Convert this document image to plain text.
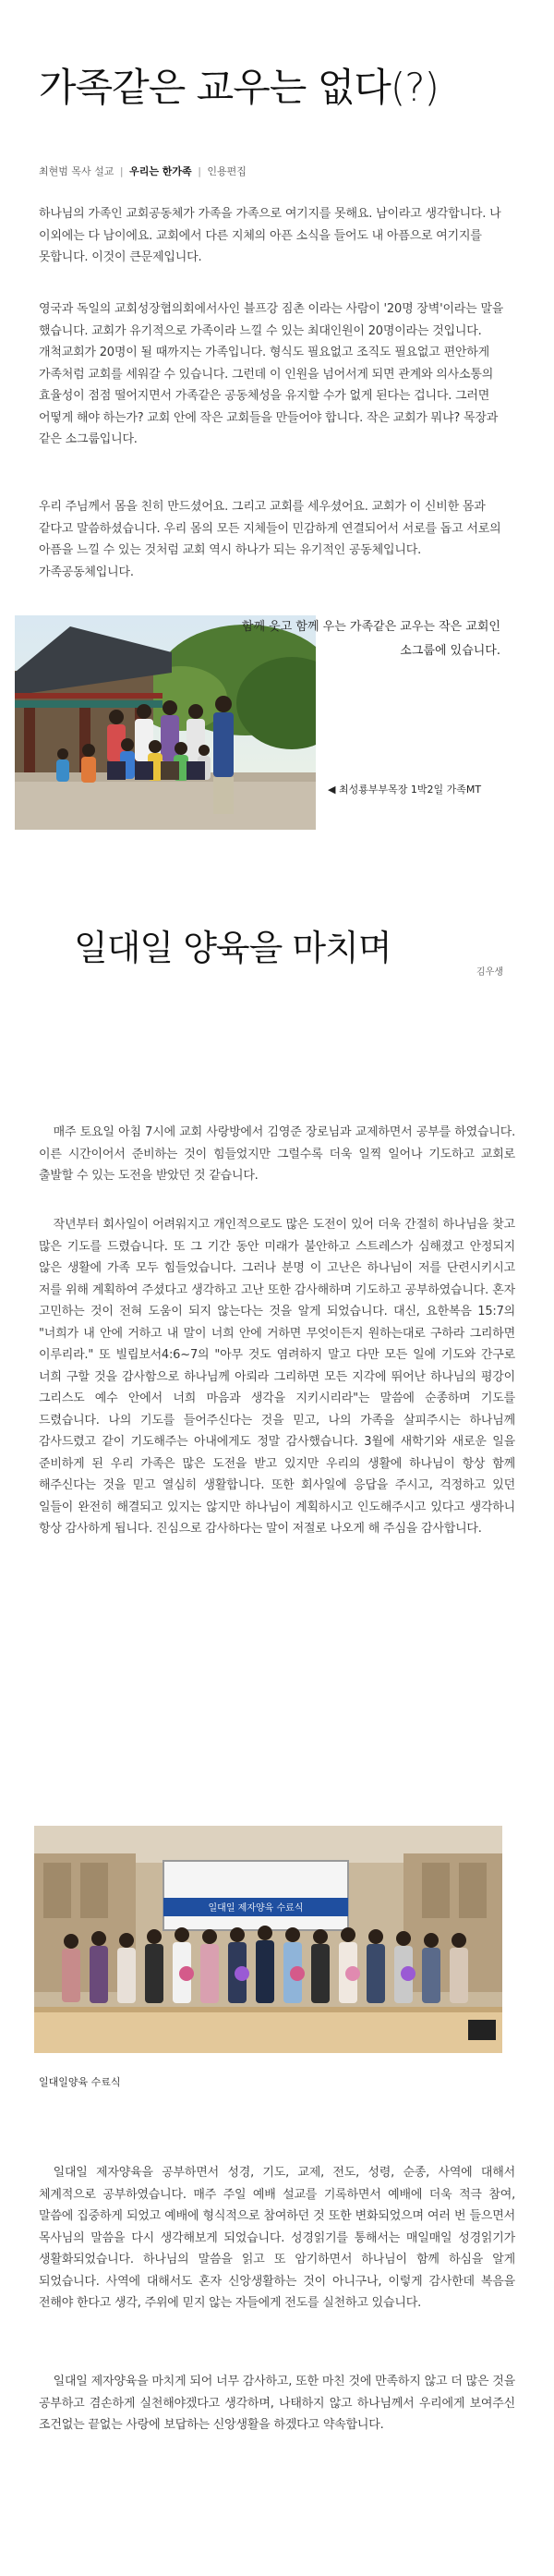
가족같은 교우는 없다(?)
최현범 목사 설교 | 우리는 한가족 | 인용편집

하나님의 가족인 교회공동체가 가족을 가족으로 여기지를 못해요. 남이라고 생각합니다. 나 이외에는 다 남이에요. 교회에서 다른 지체의 아픈 소식을 들어도 내 아픔으로 여기지를 못합니다. 이것이 큰문제입니다.

영국과 독일의 교회성장협의회에서사인 블프강 짐촌 이라는 사람이 '20명 장벽'이라는 말을 했습니다. 교회가 유기적으로 가족이라 느낄 수 있는 최대인원이 20명이라는 것입니다. 개척교회가 20명이 될 때까지는 가족입니다. 형식도 필요없고 조직도 필요없고 편안하게 가족처럼 교회를 세워갈 수 있습니다. 그런데 이 인원을 넘어서게 되면 관계와 의사소통의 효율성이 점점 떨어지면서 가족같은 공동체성을 유지할 수가 없게 된다는 겁니다. 그러면 어떻게 해야 하는가? 교회 안에 작은 교회들을 만들어야 합니다. 작은 교회가 뭐냐? 목장과 같은 소그룹입니다.

우리 주님께서 몸을 친히 만드셨어요. 그리고 교회를 세우셨어요. 교회가 이 신비한 몸과 같다고 말씀하셨습니다. 우리 몸의 모든 지체들이 민감하게 연결되어서 서로를 돕고 서로의 아픔을 느낄 수 있는 것처럼 교회 역시 하나가 되는 유기적인 공동체입니다. 가족공동체입니다.

함께 웃고 함께 우는 가족같은 교우는 작은 교회인 소그룹에 있습니다.
◀ 최성룡부부목장 1박2일 가족MT
일대일 양육을 마치며
김우생

매주 토요일 아침 7시에 교회 사랑방에서 김영준 장로님과 교제하면서 공부를 하였습니다. 이른 시간이어서 준비하는 것이 힘들었지만 그럴수록 더욱 일찍 일어나 기도하고 교회로 출발할 수 있는 도전을 받았던 것 같습니다.

작년부터 회사일이 어려워지고 개인적으로도 많은 도전이 있어 더욱 간절히 하나님을 찾고 많은 기도를 드렸습니다. 또 그 기간 동안 미래가 불안하고 스트레스가 심해졌고 안정되지 않은 생활에 가족 모두 힘들었습니다. 그러나 분명 이 고난은 하나님이 저를 단련시키시고 저를 위해 계획하여 주셨다고 생각하고 고난 또한 감사해하며 기도하고 공부하였습니다. 혼자 고민하는 것이 전혀 도움이 되지 않는다는 것을 알게 되었습니다. 대신, 요한복음 15:7의 "너희가 내 안에 거하고 내 말이 너희 안에 거하면 무엇이든지 원하는대로 구하라 그리하면 이루리라." 또 빌립보서4:6~7의 "아무 것도 염려하지 말고 다만 모든 일에 기도와 간구로 너희 구할 것을 감사함으로 하나님께 아뢰라 그리하면 모든 지각에 뛰어난 하나님의 평강이 그리스도 예수 안에서 너희 마음과 생각을 지키시리라"는 말씀에 순종하며 기도를 드렸습니다. 나의 기도를 들어주신다는 것을 믿고, 나의 가족을 살피주시는 하나님께 감사드렸고 같이 기도해주는 아내에게도 정말 감사했습니다. 3월에 새학기와 새로운 일을 준비하게 된 우리 가족은 많은 도전을 받고 있지만 우리의 생활에 하나님이 항상 함께 해주신다는 것을 믿고 열심히 생활합니다. 또한 회사일에 응답을 주시고, 걱정하고 있던 일들이 완전히 해결되고 있지는 않지만 하나님이 계획하시고 인도해주시고 있다고 생각하니 항상 감사하게 됩니다. 진심으로 감사하다는 말이 저절로 나오게 해 주심을 감사합니다.

일대일 제자양육 수료식
일대일양육 수료식

일대일 제자양육을 공부하면서 성경, 기도, 교제, 전도, 성령, 순종, 사역에 대해서 체계적으로 공부하였습니다. 매주 주일 예배 설교를 기록하면서 예배에 더욱 적극 참여, 말씀에 집중하게 되었고 예배에 형식적으로 참여하던 것 또한 변화되었으며 여러 번 들으면서 목사님의 말씀을 다시 생각해보게 되었습니다. 성경읽기를 통해서는 매일매일 성경읽기가 생활화되었습니다. 하나님의 말씀을 읽고 또 암기하면서 하나님이 함께 하심을 알게 되었습니다. 사역에 대해서도 혼자 신앙생활하는 것이 아니구나, 이렇게 감사한데 복음을 전해야 한다고 생각, 주위에 믿지 않는 자들에게 전도를 실천하고 있습니다.

일대일 제자양육을 마치게 되어 너무 감사하고, 또한 마친 것에 만족하지 않고 더 많은 것을 공부하고 겸손하게 실천해야겠다고 생각하며, 나태하지 않고 하나님께서 우리에게 보여주신 조건없는 끝없는 사랑에 보답하는 신앙생활을 하겠다고 약속합니다.
